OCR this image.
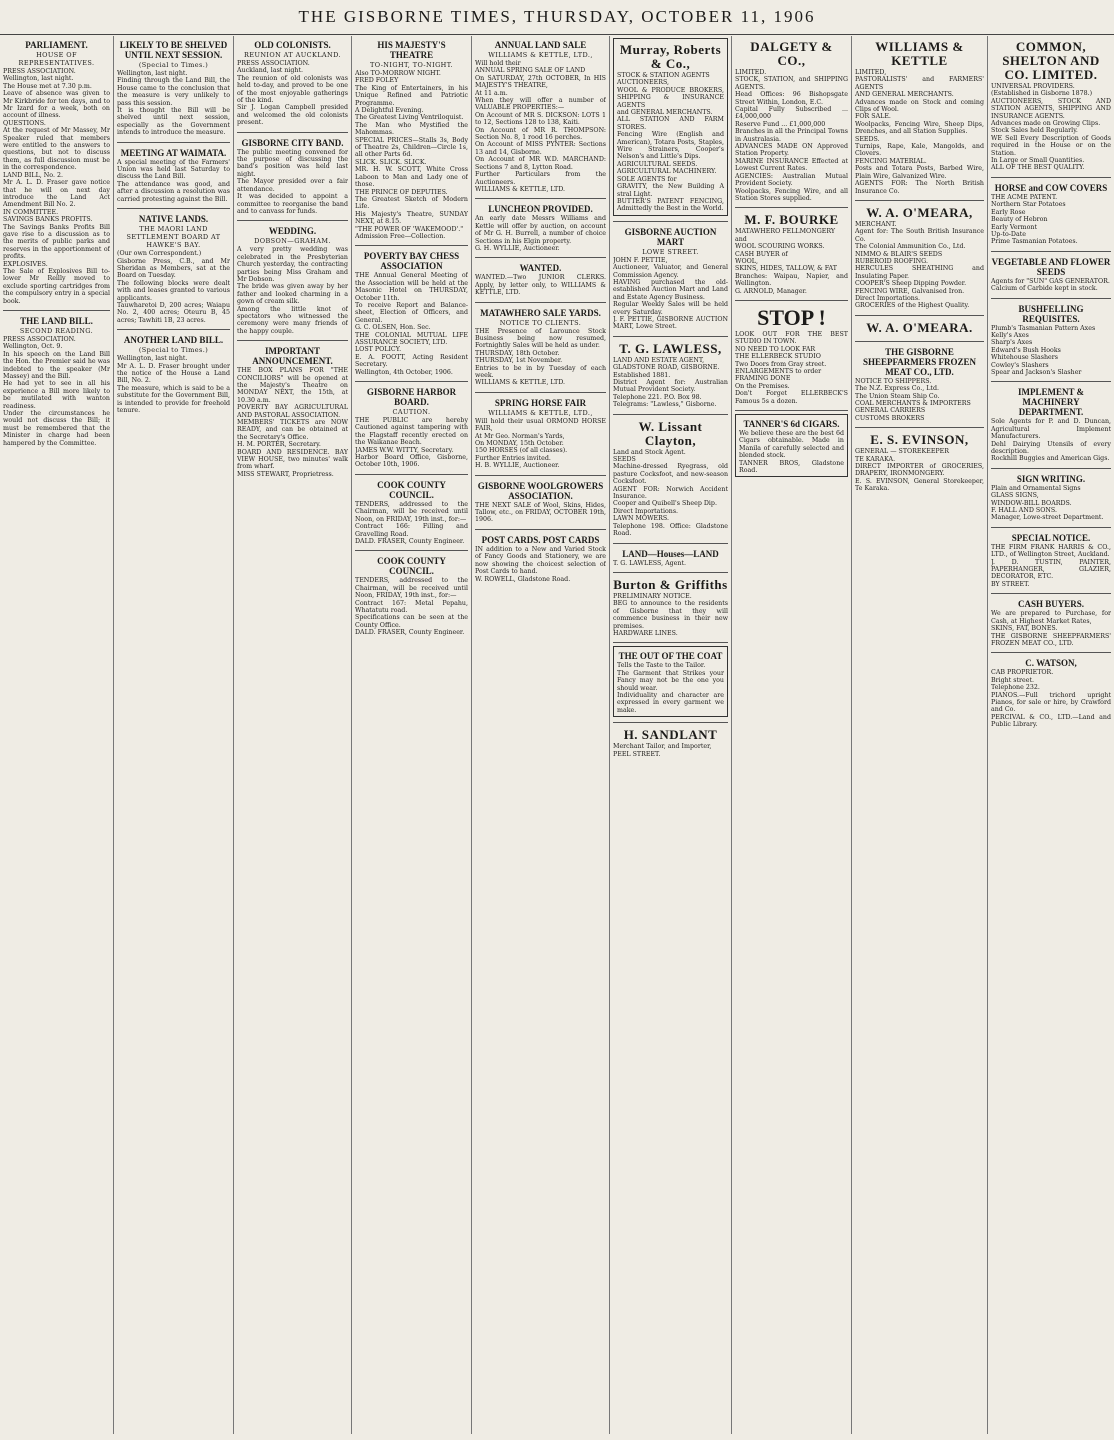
THE GISBORNE TIMES, THURSDAY, OCTOBER 11, 1906
PARLIAMENT.
HOUSE OF REPRESENTATIVES.

PRESS ASSOCIATION.

Wellington, last night.

The House met at 7.30 p.m.

Leave of absence was given to Mr Kirkbride for ten days, and to Mr Izard for a week, both on account of illness.

QUESTIONS.

At the request of Mr Massey, Mr Speaker ruled that members were entitled to the answers to questions, but not to discuss them, as full discussion must be in the correspondence.

LAND BILL, No. 2.

Mr A. L. D. Fraser gave notice that he will on next day introduce the Land Act Amendment Bill No. 2.

IN COMMITTEE.

SAVINGS BANKS PROFITS.

The Savings Banks Profits Bill gave rise to a discussion as to the merits of public parks and reserves in the apportionment of profits.

EXPLOSIVES.

The Sale of Explosives Bill to-lower Mr Reilly moved to exclude sporting cartridges from the compulsory entry in a special book.

THE LAND BILL.
SECOND READING.

PRESS ASSOCIATION.

Wellington, Oct. 9.

In his speech on the Land Bill the Hon. the Premier said he was indebted to the speaker (Mr Massey) and the Bill.

He had yet to see in all his experience a Bill more likely to be mutilated with wanton readiness.

Under the circumstances he would not discuss the Bill; it must be remembered that the Minister in charge had been hampered by the Committee.

LIKELY TO BE SHELVED UNTIL NEXT SESSION.
(Special to Times.)

Wellington, last night.

Finding through the Land Bill, the House came to the conclusion that the measure is very unlikely to pass this session.

It is thought the Bill will be shelved until next session, especially as the Government intends to introduce the measure.

MEETING AT WAIMATA.

A special meeting of the Farmers' Union was held last Saturday to discuss the Land Bill.

The attendance was good, and after a discussion a resolution was carried protesting against the Bill.

NATIVE LANDS.
THE MAORI LAND SETTLEMENT BOARD AT HAWKE'S BAY.

(Our own Correspondent.)

Gisborne Press, C.B., and Mr Sheridan as Members, sat at the Board on Tuesday.

The following blocks were dealt with and leases granted to various applicants.

Tauwharetoi D, 200 acres; Waiapu No. 2, 400 acres; Oteuru B, 45 acres; Tawhiti 1B, 23 acres.

ANOTHER LAND BILL.
(Special to Times.)

Wellington, last night.

Mr A. L. D. Fraser brought under the notice of the House a Land Bill, No. 2.

The measure, which is said to be a substitute for the Government Bill, is intended to provide for freehold tenure.

OLD COLONISTS.
REUNION AT AUCKLAND.

PRESS ASSOCIATION.

Auckland, last night.

The reunion of old colonists was held to-day, and proved to be one of the most enjoyable gatherings of the kind.

Sir J. Logan Campbell presided and welcomed the old colonists present.

GISBORNE CITY BAND.

The public meeting convened for the purpose of discussing the band's position was held last night.

The Mayor presided over a fair attendance.

It was decided to appoint a committee to reorganise the band and to canvass for funds.

WEDDING.
DOBSON—GRAHAM.

A very pretty wedding was celebrated in the Presbyterian Church yesterday, the contracting parties being Miss Graham and Mr Dobson.

The bride was given away by her father and looked charming in a gown of cream silk.

Among the little knot of spectators who witnessed the ceremony were many friends of the happy couple.

IMPORTANT ANNOUNCEMENT.

THE BOX PLANS FOR "THE CONCILIORS" will be opened at the Majesty's Theatre on MONDAY NEXT, the 15th, at 10.30 a.m.

POVERTY BAY AGRICULTURAL AND PASTORAL ASSOCIATION.

MEMBERS' TICKETS are NOW READY, and can be obtained at the Secretary's Office.

H. M. PORTER, Secretary.

BOARD AND RESIDENCE. BAY VIEW HOUSE, two minutes' walk from wharf.

MISS STEWART, Proprietress.

HIS MAJESTY'S THEATRE
TO-NIGHT, TO-NIGHT.

Also TO-MORROW NIGHT.

FRED FOLEY

The King of Entertainers, in his Unique Refined and Patriotic Programme.

A Delightful Evening.

The Greatest Living Ventriloquist.

The Man who Mystified the Mahommas.

SPECIAL PRICES—Stalls 3s, Body of Theatre 2s, Children—Circle 1s, all other Parts 6d.

SLICK. SLICK. SLICK.

MR. H. W. SCOTT, White Cross Laboon to Man and Lady one of those.

THE PRINCE OF DEPUTIES.

The Greatest Sketch of Modern Life.

His Majesty's Theatre, SUNDAY NEXT, at 8.15.

"THE POWER OF 'WAKEMOOD'."

Admission Free—Collection.

POVERTY BAY CHESS ASSOCIATION

THE Annual General Meeting of the Association will be held at the Masonic Hotel on THURSDAY, October 11th.

To receive Report and Balance-sheet, Election of Officers, and General.

G. C. OLSEN, Hon. Sec.

THE COLONIAL MUTUAL LIFE ASSURANCE SOCIETY, LTD.

LOST POLICY.

E. A. FOOTT, Acting Resident Secretary.

Wellington, 4th October, 1906.

GISBORNE HARBOR BOARD.
CAUTION.

THE PUBLIC are hereby Cautioned against tampering with the Flagstaff recently erected on the Waikanae Beach.

JAMES W.W. WITTY, Secretary.

Harbor Board Office, Gisborne, October 10th, 1906.

COOK COUNTY COUNCIL.

TENDERS, addressed to the Chairman, will be received until Noon, on FRIDAY, 19th inst., for:—

Contract 166: Filling and Gravelling Road.

DALD. FRASER, County Engineer.

COOK COUNTY COUNCIL.

TENDERS, addressed to the Chairman, will be received until Noon, FRIDAY, 19th inst., for:—

Contract 167: Metal Pepahu, Whatatutu road.

Specifications can be seen at the County Office.

DALD. FRASER, County Engineer.

ANNUAL LAND SALE
WILLIAMS & KETTLE, LTD.,

Will hold their

ANNUAL SPRING SALE OF LAND

On SATURDAY, 27th OCTOBER, In HIS MAJESTY'S THEATRE,

At 11 a.m.

When they will offer a number of VALUABLE PROPERTIES:—

On Account of MR S. DICKSON: LOTS 1 to 12, Sections 128 to 138, Kaiti.

On Account of MR R. THOMPSON: Section No. 8, 1 rood 16 perches.

On Account of MISS PYNTER: Sections 13 and 14, Gisborne.

On Account of MR W.D. MARCHAND: Sections 7 and 8, Lytton Road.

Further Particulars from the Auctioneers.

WILLIAMS & KETTLE, LTD.

LUNCHEON PROVIDED.

An early date Messrs Williams and Kettle will offer by auction, on account of Mr G. H. Burrell, a number of choice Sections in his Elgin property.

G. H. WYLLIE, Auctioneer.

WANTED.

WANTED.—Two JUNIOR CLERKS. Apply, by letter only, to WILLIAMS & KETTLE, LTD.

MATAWHERO SALE YARDS.
NOTICE TO CLIENTS.

THE Presence of Larounce Stock Business being now resumed, Fortnightly Sales will be held as under.

THURSDAY, 18th October.

THURSDAY, 1st November.

Entries to be in by Tuesday of each week.

WILLIAMS & KETTLE, LTD.

SPRING HORSE FAIR
WILLIAMS & KETTLE, LTD.,

Will hold their usual ORMOND HORSE FAIR,

At Mr Geo. Norman's Yards,

On MONDAY, 15th October.

150 HORSES (of all classes).

Further Entries invited.

H. B. WYLLIE, Auctioneer.

GISBORNE WOOLGROWERS ASSOCIATION.

THE NEXT SALE of Wool, Skins, Hides, Tallow, etc., on FRIDAY, OCTOBER 19th, 1906.

POST CARDS. POST CARDS

IN addition to a New and Varied Stock of Fancy Goods and Stationery, we are now showing the choicest selection of Post Cards to hand.

W. ROWELL, Gladstone Road.

Murray, Roberts & Co.,

STOCK & STATION AGENTS

AUCTIONEERS,

WOOL & PRODUCE BROKERS, SHIPPING & INSURANCE AGENTS

and GENERAL MERCHANTS.

ALL STATION AND FARM STORES.

Fencing Wire (English and American), Totara Posts, Staples, Wire Strainers, Cooper's Nelson's and Little's Dips.

AGRICULTURAL SEEDS.

AGRICULTURAL MACHINERY.

SOLE AGENTS for

GRAVITY, the New Building A stral Light.

BUTTER'S PATENT FENCING, Admittedly the Best in the World.

GISBORNE AUCTION MART
LOWE STREET.

JOHN F. PETTIE,

Auctioneer, Valuator, and General Commission Agency.

HAVING purchased the old-established Auction Mart and Land and Estate Agency Business.

Regular Weekly Sales will be held every Saturday.

J. F. PETTIE, GISBORNE AUCTION MART, Lowe Street.

T. G. LAWLESS,

LAND AND ESTATE AGENT,

GLADSTONE ROAD, GISBORNE.

Established 1881.

District Agent for: Australian Mutual Provident Society.

Telephone 221. P.O. Box 98.

Telegrams: "Lawless," Gisborne.

W. Lissant Clayton,

Land and Stock Agent.

SEEDS

Machine-dressed Ryegrass, old pasture Cocksfoot, and new-season Cocksfoot.

AGENT FOR: Norwich Accident Insurance.

Cooper and Quibell's Sheep Dip.

Direct Importations.

LAWN MOWERS.

Telephone 198. Office: Gladstone Road.

LAND—Houses—LAND

T. G. LAWLESS, Agent.

Burton & Griffiths

PRELIMINARY NOTICE.

BEG to announce to the residents of Gisborne that they will commence business in their new premises.

HARDWARE LINES.

THE OUT OF THE COAT

Tells the Taste to the Tailor.

The Garment that Strikes your Fancy may not be the one you should wear.

Individuality and character are expressed in every garment we make.

H. SANDLANT

Merchant Tailor, and Importer,

PEEL STREET.

DALGETY & CO.,

LIMITED.

STOCK, STATION, and SHIPPING AGENTS.

Head Offices: 96 Bishopsgate Street Within, London, E.C.

Capital Fully Subscribed ... £4,000,000

Reserve Fund ... £1,000,000

Branches in all the Principal Towns in Australasia.

ADVANCES MADE ON Approved Station Property.

MARINE INSURANCE Effected at Lowest Current Rates.

AGENCIES: Australian Mutual Provident Society.

Woolpacks, Fencing Wire, and all Station Stores supplied.

M. F. BOURKE

MATAWHERO FELLMONGERY

and

WOOL SCOURING WORKS.

CASH BUYER of

WOOL,

SKINS, HIDES, TALLOW, & FAT

Branches: Waipau, Napier, and Wellington.

G. ARNOLD, Manager.

STOP !

LOOK OUT FOR THE BEST STUDIO IN TOWN.

NO NEED TO LOOK FAR

THE ELLERBECK STUDIO

Two Doors from Gray street.

ENLARGEMENTS to order

FRAMING DONE

On the Premises.

Don't Forget ELLERBECK'S Famous 5s a dozen.

TANNER'S 6d CIGARS.

We believe these are the best 6d Cigars obtainable. Made in Manila of carefully selected and blended stock.

TANNER BROS, Gladstone Road.

WILLIAMS & KETTLE

LIMITED,

PASTORALISTS' and FARMERS' AGENTS

AND GENERAL MERCHANTS.

Advances made on Stock and coming Clips of Wool.

FOR SALE.

Woolpacks, Fencing Wire, Sheep Dips, Drenches, and all Station Supplies.

SEEDS.

Turnips, Rape, Kale, Mangolds, and Clovers.

FENCING MATERIAL.

Posts and Totara Posts, Barbed Wire, Plain Wire, Galvanized Wire.

AGENTS FOR: The North British Insurance Co.

W. A. O'MEARA,

MERCHANT.

Agent for: The South British Insurance Co.

The Colonial Ammunition Co., Ltd.

NIMMO & BLAIR'S SEEDS

RUBEROID ROOFING.

HERCULES SHEATHING and Insulating Paper.

COOPER'S Sheep Dipping Powder.

FENCING WIRE, Galvanised Iron.

Direct Importations.

GROCERIES of the Highest Quality.

W. A. O'MEARA.
THE GISBORNE SHEEPFARMERS FROZEN MEAT CO., LTD.

NOTICE TO SHIPPERS.

The N.Z. Express Co., Ltd.

The Union Steam Ship Co.

COAL MERCHANTS & IMPORTERS

GENERAL CARRIERS

CUSTOMS BROKERS

E. S. EVINSON,

GENERAL — STOREKEEPER

TE KARAKA.

DIRECT IMPORTER of GROCERIES, DRAPERY, IRONMONGERY.

E. S. EVINSON, General Storekeeper, Te Karaka.

COMMON, SHELTON AND CO. LIMITED.

UNIVERSAL PROVIDERS.

(Established in Gisborne 1878.)

AUCTIONEERS, STOCK AND STATION AGENTS, SHIPPING AND INSURANCE AGENTS.

Advances made on Growing Clips.

Stock Sales held Regularly.

WE Sell Every Description of Goods required in the House or on the Station.

In Large or Small Quantities.

ALL OF THE BEST QUALITY.

HORSE and COW COVERS

THE ACME PATENT.

Northern Star Potatoes

Early Rose

Beauty of Hebron

Early Vermont

Up-to-Date

Prime Tasmanian Potatoes.

VEGETABLE AND FLOWER SEEDS

Agents for "SUN" GAS GENERATOR.

Calcium of Carbide kept in stock.

BUSHFELLING REQUISITES.

Plumb's Tasmanian Pattern Axes

Kelly's Axes

Sharp's Axes

Edward's Bush Hooks

Whitehouse Slashers

Cowley's Slashers

Spear and Jackson's Slasher

IMPLEMENT & MACHINERY DEPARTMENT.

Sole Agents for P. and D. Duncan, Agricultural Implement Manufacturers.

Dehl Dairying Utensils of every description.

Rockhill Buggies and American Gigs.

SIGN WRITING.

Plain and Ornamental Signs

GLASS SIGNS,

WINDOW-BILL BOARDS.

F. HALL AND SONS.

Manager, Lowe-street Department.

SPECIAL NOTICE.

THE FIRM FRANK HARRIS & CO., LTD., of Wellington Street, Auckland.

J. D. TUSTIN, PAINTER, PAPERHANGER, GLAZIER, DECORATOR, ETC.

BY STREET.

CASH BUYERS.

We are prepared to Purchase, for Cash, at Highest Market Rates,

SKINS, FAT, BONES.

THE GISBORNE SHEEPFARMERS' FROZEN MEAT CO., LTD.

C. WATSON,

CAB PROPRIETOR.

Bright street.

Telephone 232.

PIANOS.—Full trichord upright Pianos, for sale or hire, by Crawford and Co.

PERCIVAL & CO., LTD.—Land and Public Library.
